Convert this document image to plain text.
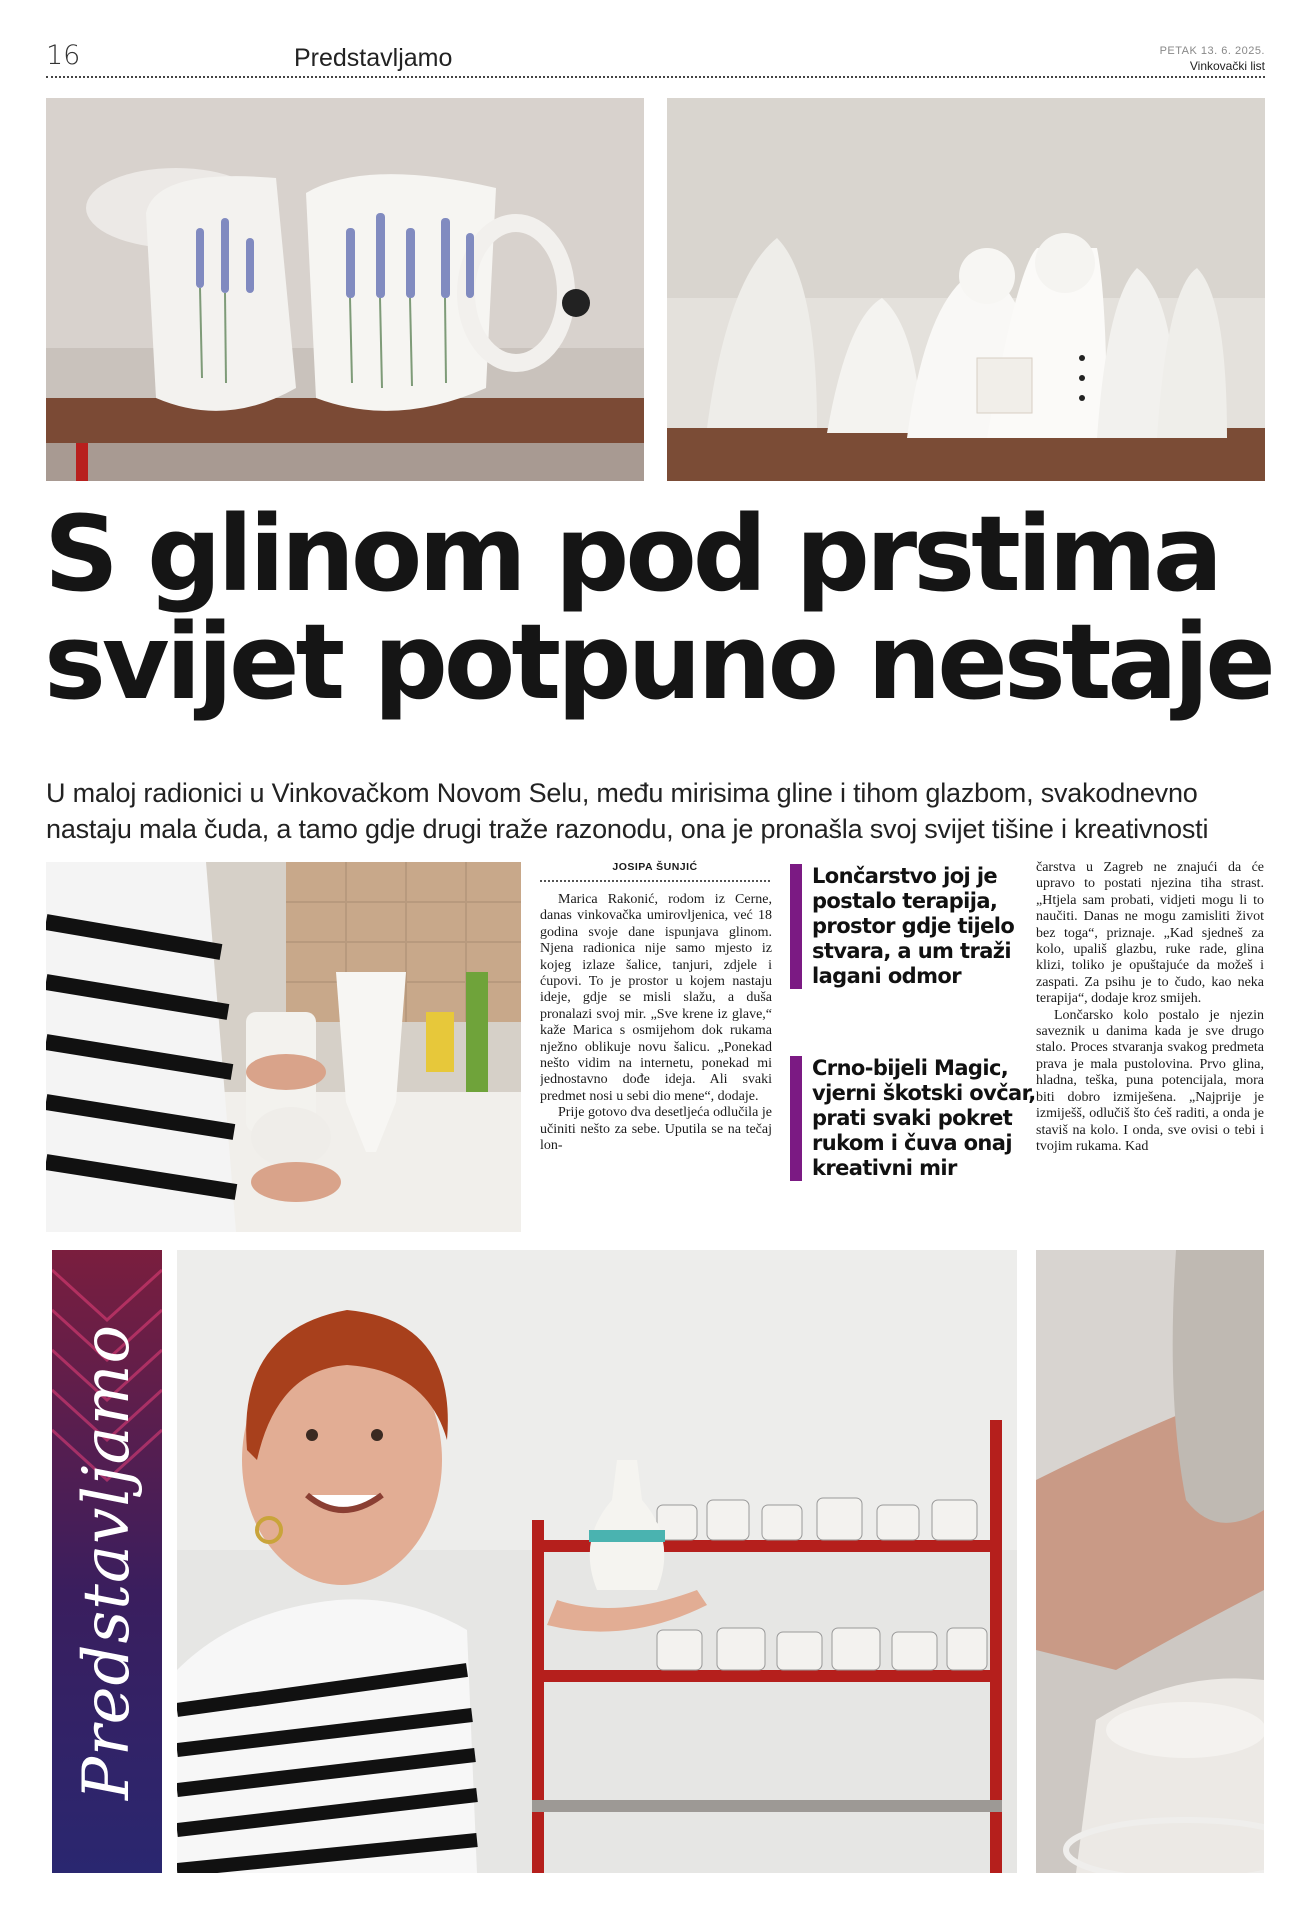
16	Predstavljamo	PETAK 13. 6. 2025.
Vinkovački list
S glinom pod prstima
svijet potpuno nestaje
U maloj radionici u Vinkovačkom Novom Selu, među mirisima gline i tihom glazbom, svakodnevno nastaju mala čuda, a tamo gdje drugi traže razonodu, ona je pronašla svoj svijet tišine i kreativnosti
JOSIPA ŠUNJIĆ

Marica Rakonić, rodom iz Cerne, danas vinkovačka umirovljenica, već 18 godina svoje dane ispunjava glinom. Njena radionica nije samo mjesto iz kojeg izlaze šalice, tanjuri, zdjele i ćupovi. To je prostor u kojem nastaju ideje, gdje se misli slažu, a duša pronalazi svoj mir. „Sve krene iz glave,“ kaže Marica s osmijehom dok rukama nježno oblikuje novu šalicu. „Ponekad nešto vidim na internetu, ponekad mi jednostavno dođe ideja. Ali svaki predmet nosi u sebi dio mene“, dodaje.

Prije gotovo dva desetljeća odlučila je učiniti nešto za sebe. Uputila se na tečaj lon-

Lončarstvo joj je postalo terapija, prostor gdje tijelo stvara, a um traži lagani odmor
Crno-bijeli Magic, vjerni škotski ovčar, prati svaki pokret rukom i čuva onaj kreativni mir

čarstva u Zagreb ne znajući da će upravo to postati njezina tiha strast. „Htjela sam probati, vidjeti mogu li to naučiti. Danas ne mogu zamisliti život bez toga“, priznaje. „Kad sjedneš za kolo, upališ glazbu, ruke rade, glina klizi, toliko je opuštajuće da možeš i zaspati. Za psihu je to čudo, kao neka terapija“, dodaje kroz smijeh.

Lončarsko kolo postalo je njezin saveznik u danima kada je sve drugo stalo. Proces stvaranja svakog predmeta prava je mala pustolovina. Prvo glina, hladna, teška, puna potencijala, mora biti dobro izmiješena. „Najprije je izmiješš, odlučiš što ćeš raditi, a onda je staviš na kolo. I onda, sve ovisi o tebi i tvojim rukama. Kad

Predstavljamo
